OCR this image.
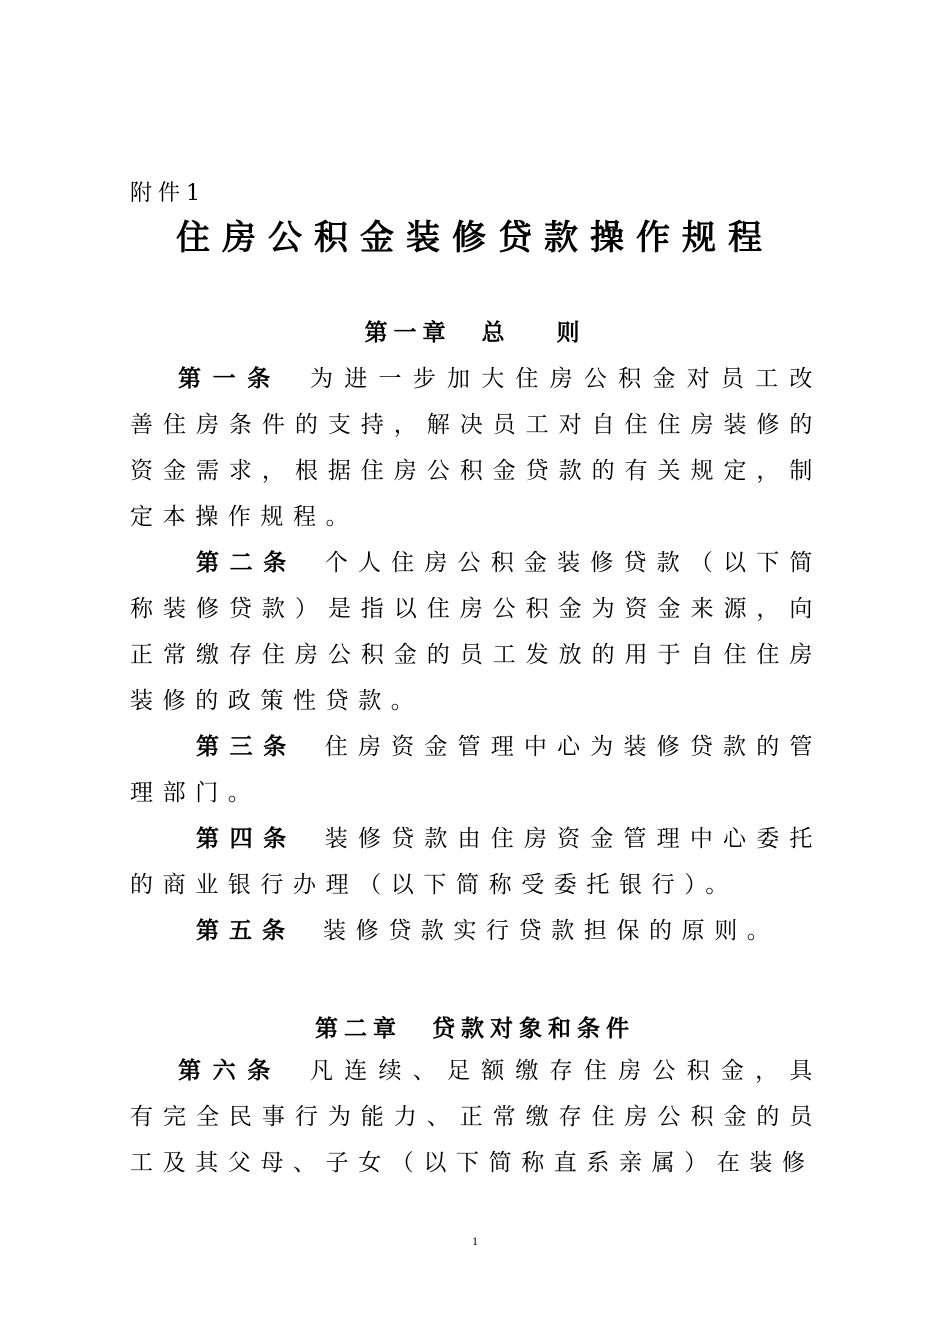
附件1
住房公积金装修贷款操作规程
第一章 总 则
第一条 为进一步加大住房公积金对员工改善住房条件的支持，解决员工对自住住房装修的资金需求，根据住房公积金贷款的有关规定，制定本操作规程。
第二条 个人住房公积金装修贷款（以下简称装修贷款）是指以住房公积金为资金来源，向正常缴存住房公积金的员工发放的用于自住住房装修的政策性贷款。
第三条 住房资金管理中心为装修贷款的管理部门。
第四条 装修贷款由住房资金管理中心委托的商业银行办理（以下简称受委托银行）。
第五条 装修贷款实行贷款担保的原则。
第二章 贷款对象和条件
第六条 凡连续、足额缴存住房公积金，具有完全民事行为能力、正常缴存住房公积金的员工及其父母、子女（以下简称直系亲属）在装修
1
